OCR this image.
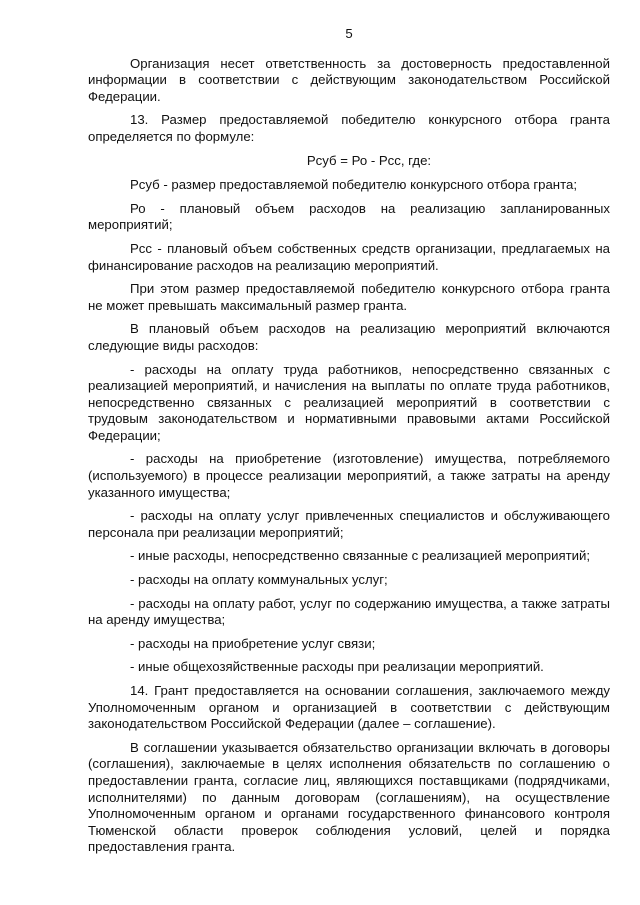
5

Организация несет ответственность за достоверность предоставленной информации в соответствии с действующим законодательством Российской Федерации.

13. Размер предоставляемой победителю конкурсного отбора гранта определяется по формуле:

Рсуб = Ро - Рсс, где:

Рсуб - размер предоставляемой победителю конкурсного отбора гранта;

Ро - плановый объем расходов на реализацию запланированных мероприятий;

Рсс - плановый объем собственных средств организации, предлагаемых на финансирование расходов на реализацию мероприятий.

При этом размер предоставляемой победителю конкурсного отбора гранта не может превышать максимальный размер гранта.

В плановый объем расходов на реализацию мероприятий включаются следующие виды расходов:

- расходы на оплату труда работников, непосредственно связанных с реализацией мероприятий, и начисления на выплаты по оплате труда работников, непосредственно связанных с реализацией мероприятий в соответствии с трудовым законодательством и нормативными правовыми актами Российской Федерации;

- расходы на приобретение (изготовление) имущества, потребляемого (используемого) в процессе реализации мероприятий, а также затраты на аренду указанного имущества;

- расходы на оплату услуг привлеченных специалистов и обслуживающего персонала при реализации мероприятий;

- иные расходы, непосредственно связанные с реализацией мероприятий;

- расходы на оплату коммунальных услуг;

- расходы на оплату работ, услуг по содержанию имущества, а также затраты на аренду имущества;

- расходы на приобретение услуг связи;

- иные общехозяйственные расходы при реализации мероприятий.

14. Грант предоставляется на основании соглашения, заключаемого между Уполномоченным органом и организацией в соответствии с действующим законодательством Российской Федерации (далее – соглашение).

В соглашении указывается обязательство организации включать в договоры (соглашения), заключаемые в целях исполнения обязательств по соглашению о предоставлении гранта, согласие лиц, являющихся поставщиками (подрядчиками, исполнителями) по данным договорам (соглашениям), на осуществление Уполномоченным органом и органами государственного финансового контроля Тюменской области проверок соблюдения условий, целей и порядка предоставления гранта.
